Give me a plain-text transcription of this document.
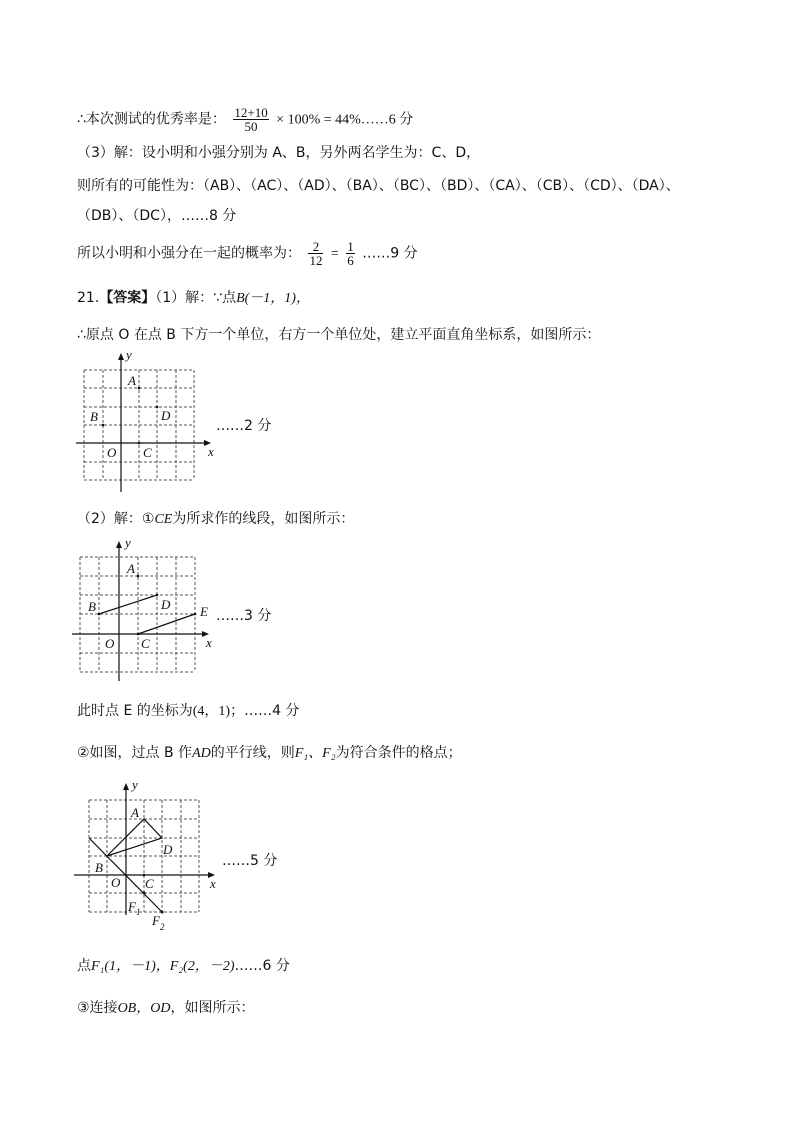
∴本次测试的优秀率是： $\frac{12+10}{50} \times 100\%$ = 44%……6 分
（3）解：设小明和小强分别为 A、B，另外两名学生为：C、D，
则所有的可能性为：（AB）、（AC）、（AD）、（BA）、（BC）、（BD）、（CA）、（CB）、（CD）、（DA）、
（DB）、（DC），……8 分
所以小明和小强分在一起的概率为： $\frac{2}{12} = \frac{1}{6}$ ……9 分
21.【答案】（1）解：∵点B(－1，1)，
∴原点 O 在点 B 下方一个单位，右方一个单位处，建立平面直角坐标系，如图所示：
y
x
A
B	D
O C
……2 分
（2）解：①CE为所求作的线段，如图所示：
y
x
A
B	D E
O C
……3 分
此时点 E 的坐标为(4，1)；……4 分
②如图，过点 B 作AD的平行线，则F₁、F₂为符合条件的格点；
y
x
A
B
D
O C
F 1
F 2
……5 分
点F₁(1，－1)，F₂(2，－2)……6 分
③连接OB，OD，如图所示：
